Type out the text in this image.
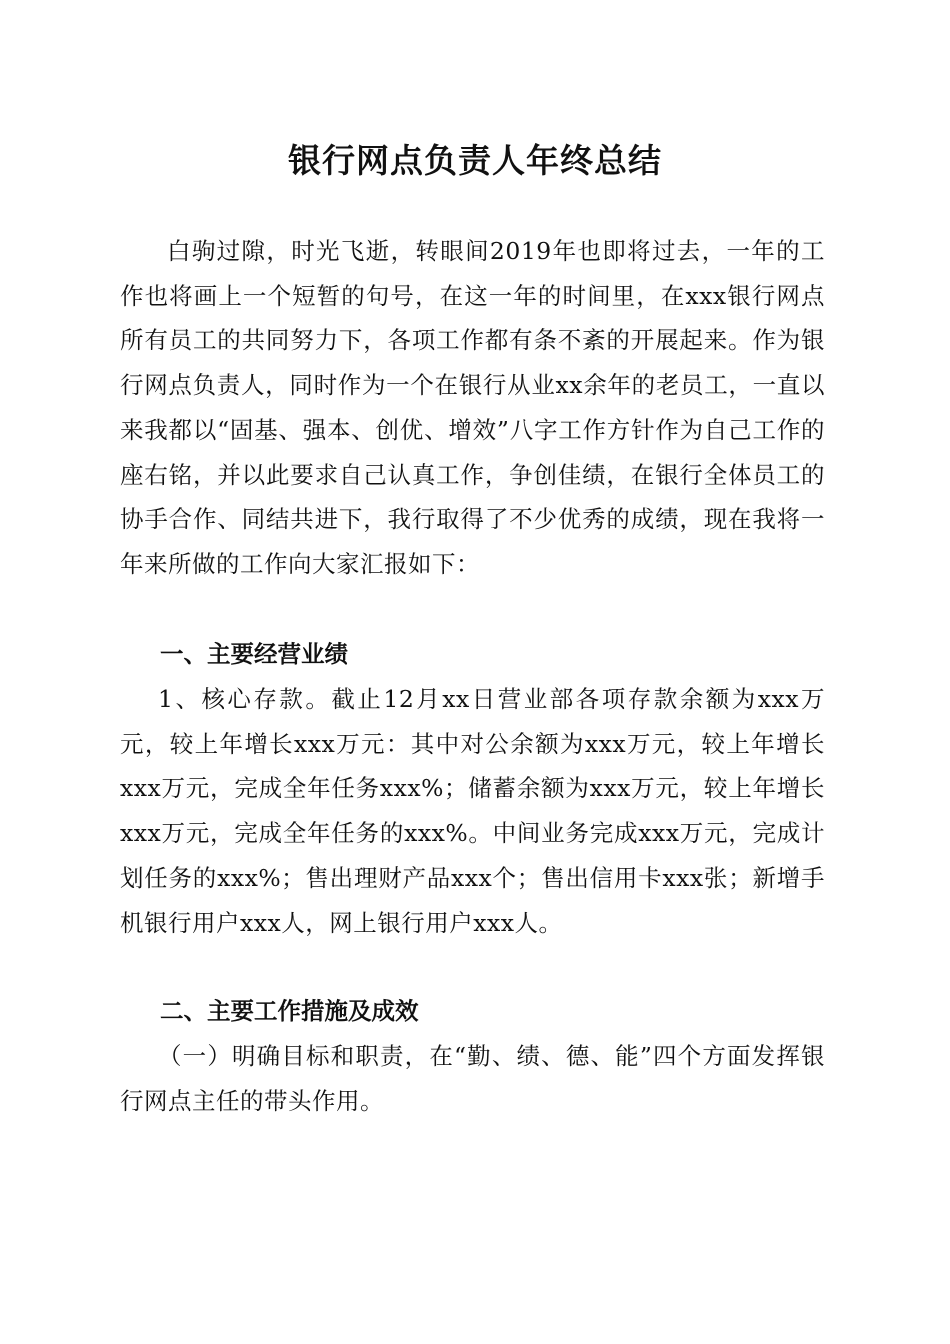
银行网点负责人年终总结

白驹过隙，时光飞逝，转眼间2019年也即将过去，一年的工作也将画上一个短暂的句号，在这一年的时间里，在xxx银行网点所有员工的共同努力下，各项工作都有条不紊的开展起来。作为银行网点负责人，同时作为一个在银行从业xx余年的老员工，一直以来我都以“固基、强本、创优、增效”八字工作方针作为自己工作的座右铭，并以此要求自己认真工作，争创佳绩，在银行全体员工的协手合作、同结共进下，我行取得了不少优秀的成绩，现在我将一年来所做的工作向大家汇报如下：

一、主要经营业绩

1、核心存款。截止12月xx日营业部各项存款余额为xxx万元，较上年增长xxx万元：其中对公余额为xxx万元，较上年增长xxx万元，完成全年任务xxx%；储蓄余额为xxx万元，较上年增长xxx万元，完成全年任务的xxx%。中间业务完成xxx万元，完成计划任务的xxx%；售出理财产品xxx个；售出信用卡xxx张；新增手机银行用户xxx人，网上银行用户xxx人。

二、主要工作措施及成效

（一）明确目标和职责，在“勤、绩、德、能”四个方面发挥银行网点主任的带头作用。
